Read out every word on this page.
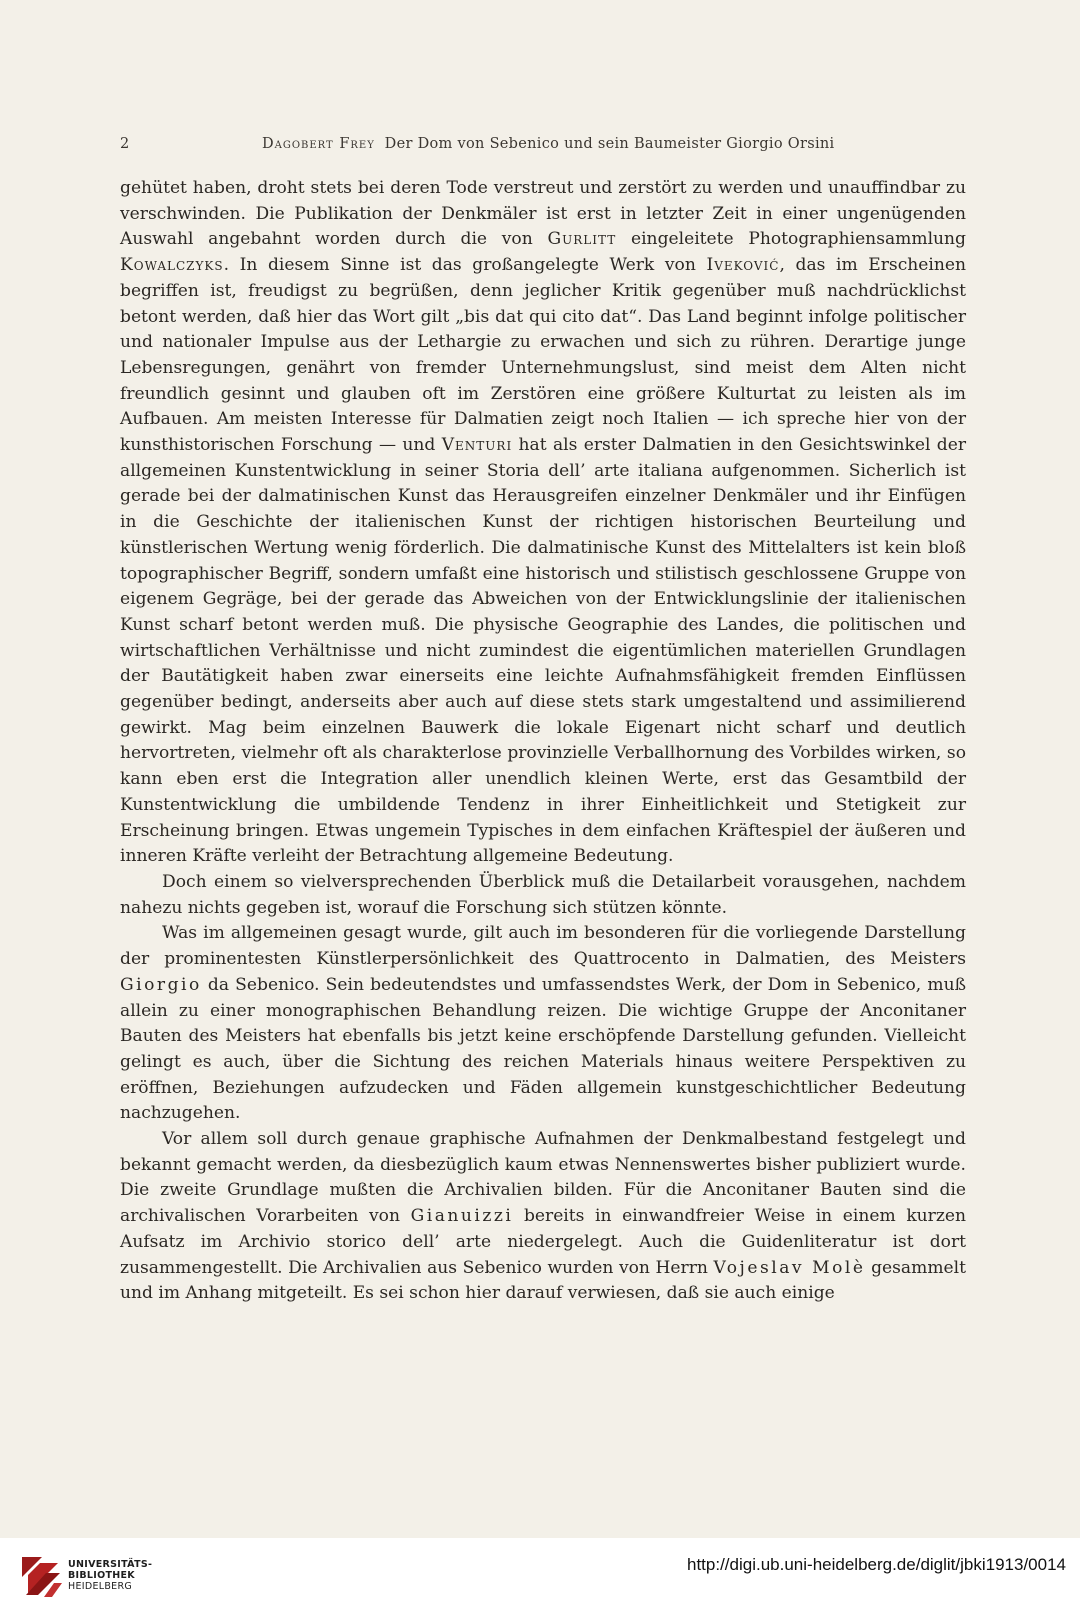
2	Dagobert Frey Der Dom von Sebenico und sein Baumeister Giorgio Orsini

gehütet haben, droht stets bei deren Tode verstreut und zerstört zu werden und unauffindbar zu verschwinden. Die Publikation der Denkmäler ist erst in letzter Zeit in einer ungenügenden Auswahl angebahnt worden durch die von Gurlitt eingeleitete Photographiensammlung Kowalczyks. In diesem Sinne ist das großangelegte Werk von Iveković, das im Erscheinen begriffen ist, freudigst zu begrüßen, denn jeglicher Kritik gegenüber muß nachdrücklichst betont werden, daß hier das Wort gilt „bis dat qui cito dat“. Das Land beginnt infolge politischer und nationaler Impulse aus der Lethargie zu erwachen und sich zu rühren. Derartige junge Lebensregungen, genährt von fremder Unternehmungslust, sind meist dem Alten nicht freundlich gesinnt und glauben oft im Zerstören eine größere Kulturtat zu leisten als im Aufbauen. Am meisten Interesse für Dalmatien zeigt noch Italien — ich spreche hier von der kunsthistorischen Forschung — und Venturi hat als erster Dalmatien in den Gesichtswinkel der allgemeinen Kunstentwicklung in seiner Storia dell’ arte italiana aufgenommen. Sicherlich ist gerade bei der dalmatinischen Kunst das Herausgreifen einzelner Denkmäler und ihr Einfügen in die Geschichte der italienischen Kunst der richtigen historischen Beurteilung und künstlerischen Wertung wenig förderlich. Die dalmatinische Kunst des Mittelalters ist kein bloß topographischer Begriff, sondern umfaßt eine historisch und stilistisch geschlossene Gruppe von eigenem Gegräge, bei der gerade das Abweichen von der Entwicklungslinie der italienischen Kunst scharf betont werden muß. Die physische Geographie des Landes, die politischen und wirtschaftlichen Verhältnisse und nicht zumindest die eigentümlichen materiellen Grundlagen der Bautätigkeit haben zwar einerseits eine leichte Aufnahmsfähigkeit fremden Einflüssen gegenüber bedingt, anderseits aber auch auf diese stets stark umgestaltend und assimilierend gewirkt. Mag beim einzelnen Bauwerk die lokale Eigenart nicht scharf und deutlich hervortreten, vielmehr oft als charakterlose provinzielle Verballhornung des Vorbildes wirken, so kann eben erst die Integration aller unendlich kleinen Werte, erst das Gesamtbild der Kunstentwicklung die umbildende Tendenz in ihrer Einheitlichkeit und Stetigkeit zur Erscheinung bringen. Etwas ungemein Typisches in dem einfachen Kräftespiel der äußeren und inneren Kräfte verleiht der Betrachtung allgemeine Bedeutung.

Doch einem so vielversprechenden Überblick muß die Detailarbeit vorausgehen, nachdem nahezu nichts gegeben ist, worauf die Forschung sich stützen könnte.

Was im allgemeinen gesagt wurde, gilt auch im besonderen für die vorliegende Darstellung der prominentesten Künstlerpersönlichkeit des Quattrocento in Dalmatien, des Meisters Giorgio da Sebenico. Sein bedeutendstes und umfassendstes Werk, der Dom in Sebenico, muß allein zu einer monographischen Behandlung reizen. Die wichtige Gruppe der Anconitaner Bauten des Meisters hat ebenfalls bis jetzt keine erschöpfende Darstellung gefunden. Vielleicht gelingt es auch, über die Sichtung des reichen Materials hinaus weitere Perspektiven zu eröffnen, Beziehungen aufzudecken und Fäden allgemein kunstgeschichtlicher Bedeutung nachzugehen.

Vor allem soll durch genaue graphische Aufnahmen der Denkmalbestand festgelegt und bekannt gemacht werden, da diesbezüglich kaum etwas Nennenswertes bisher publiziert wurde. Die zweite Grundlage mußten die Archivalien bilden. Für die Anconitaner Bauten sind die archivalischen Vorarbeiten von Gianuizzi bereits in einwandfreier Weise in einem kurzen Aufsatz im Archivio storico dell’ arte niedergelegt. Auch die Guidenliteratur ist dort zusammengestellt. Die Archivalien aus Sebenico wurden von Herrn Vojeslav Molè gesammelt und im Anhang mitgeteilt. Es sei schon hier darauf verwiesen, daß sie auch einige

UNIVERSITÄTS-
BIBLIOTHEK
HEIDELBERG
http://digi.ub.uni-heidelberg.de/diglit/jbki1913/0014
